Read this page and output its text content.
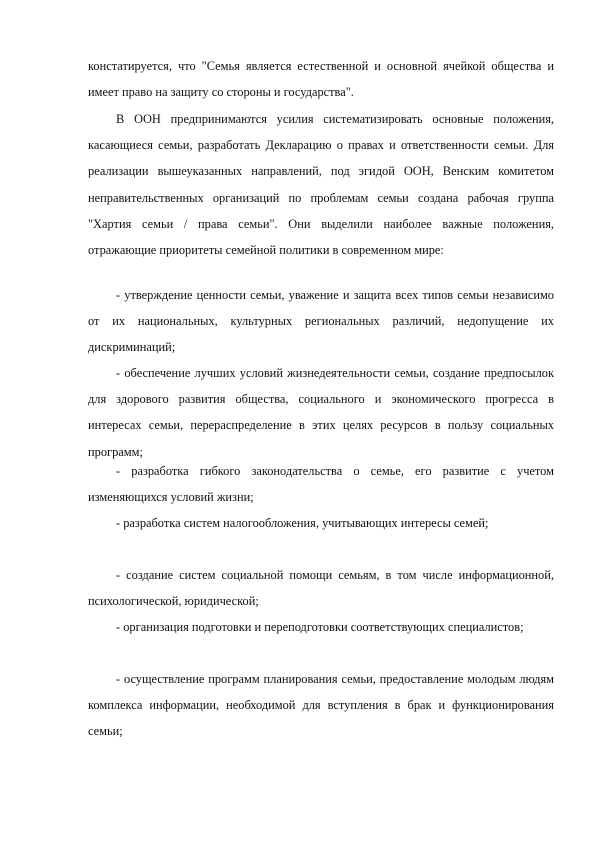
констатируется, что "Семья является естественной и основной ячейкой общества и имеет право на защиту со стороны и государства".

В ООН предпринимаются усилия систематизировать основные положения, касающиеся семьи, разработать Декларацию о правах и ответственности семьи. Для реализации вышеуказанных направлений, под эгидой ООН, Венским комитетом неправительственных организаций по проблемам семьи создана рабочая группа "Хартия семьи / права семьи". Они выделили наиболее важные положения, отражающие приоритеты семейной политики в современном мире:

- утверждение ценности семьи, уважение и защита всех типов семьи независимо от их национальных, культурных региональных различий, недопущение их дискриминаций;

- обеспечение лучших условий жизнедеятельности семьи, создание предпосылок для здорового развития общества, социального и экономического прогресса в интересах семьи, перераспределение в этих целях ресурсов в пользу социальных программ;

- разработка гибкого законодательства о семье, его развитие с учетом изменяющихся условий жизни;

- разработка систем налогообложения, учитывающих интересы семей;

- создание систем социальной помощи семьям, в том числе информационной, психологической, юридической;

- организация подготовки и переподготовки соответствующих специалистов;

- осуществление программ планирования семьи, предоставление молодым людям комплекса информации, необходимой для вступления в брак и функционирования семьи;
